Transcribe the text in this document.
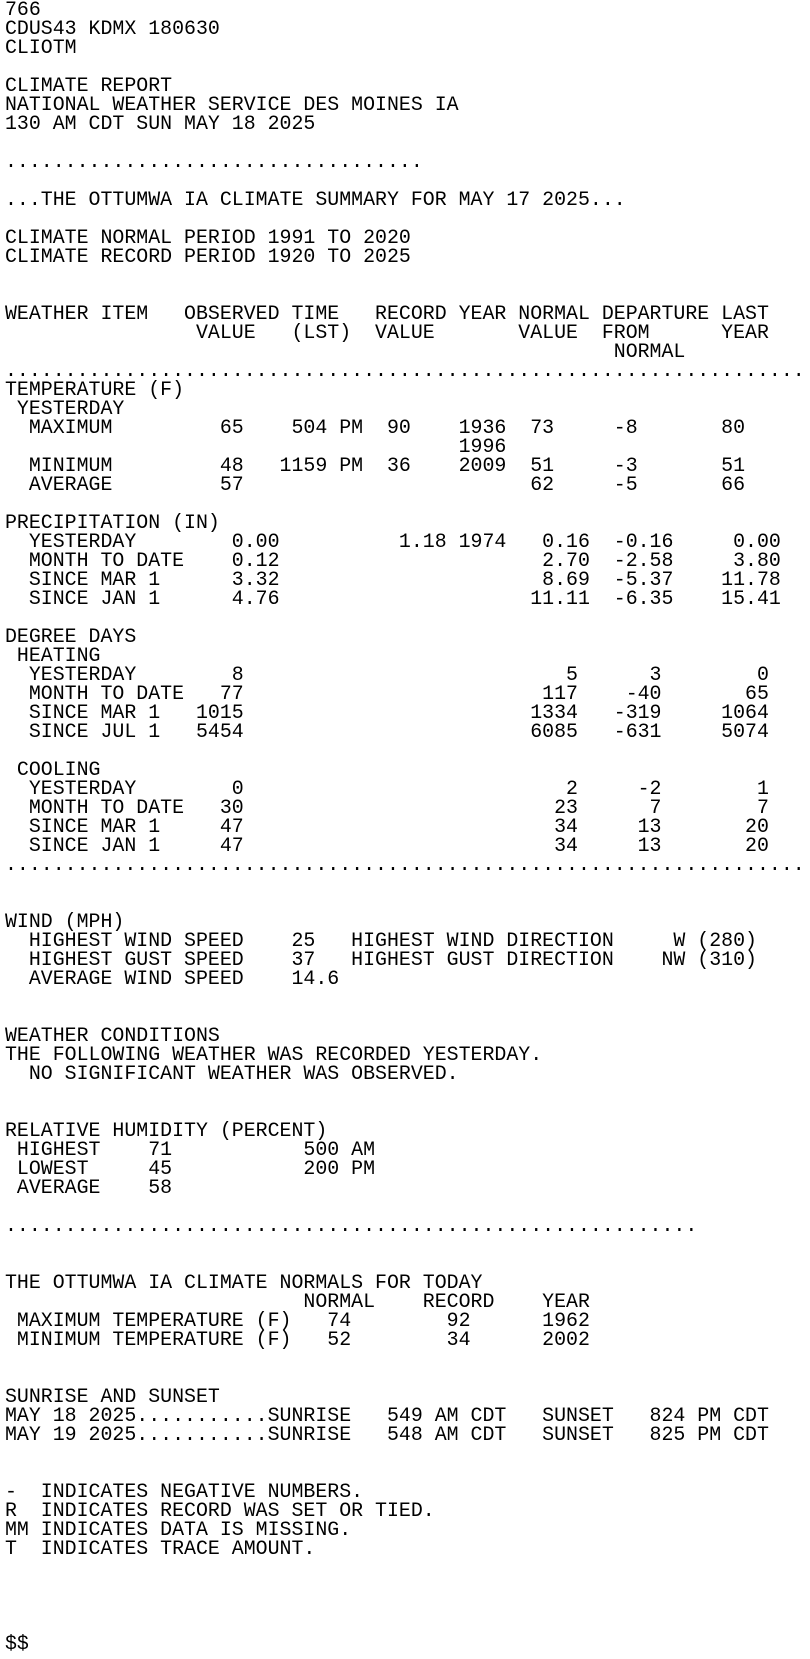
766
CDUS43 KDMX 180630
CLIOTM
CLIMATE REPORT
NATIONAL WEATHER SERVICE DES MOINES IA
130 AM CDT SUN MAY 18 2025
...................................
...THE OTTUMWA IA CLIMATE SUMMARY FOR MAY 17 2025...
CLIMATE NORMAL PERIOD 1991 TO 2020
CLIMATE RECORD PERIOD 1920 TO 2025
WEATHER ITEM   OBSERVED TIME   RECORD YEAR NORMAL DEPARTURE LAST
VALUE   (LST)  VALUE       VALUE  FROM      YEAR
NORMAL
...................................................................
TEMPERATURE (F)
YESTERDAY
MAXIMUM         65    504 PM  90    1936  73     -8       80
1996
MINIMUM         48   1159 PM  36    2009  51     -3       51
AVERAGE         57                        62     -5       66
PRECIPITATION (IN)
YESTERDAY        0.00          1.18 1974   0.16  -0.16     0.00
MONTH TO DATE    0.12                      2.70  -2.58     3.80
SINCE MAR 1      3.32                      8.69  -5.37    11.78
SINCE JAN 1      4.76                     11.11  -6.35    15.41
DEGREE DAYS
HEATING
YESTERDAY        8                           5      3        0
MONTH TO DATE   77                         117    -40       65
SINCE MAR 1   1015                        1334   -319     1064
SINCE JUL 1   5454                        6085   -631     5074
COOLING
YESTERDAY        0                           2     -2        1
MONTH TO DATE   30                          23      7        7
SINCE MAR 1     47                          34     13       20
SINCE JAN 1     47                          34     13       20
...................................................................
WIND (MPH)
HIGHEST WIND SPEED    25   HIGHEST WIND DIRECTION     W (280)
HIGHEST GUST SPEED    37   HIGHEST GUST DIRECTION    NW (310)
AVERAGE WIND SPEED    14.6
WEATHER CONDITIONS
THE FOLLOWING WEATHER WAS RECORDED YESTERDAY.
NO SIGNIFICANT WEATHER WAS OBSERVED.
RELATIVE HUMIDITY (PERCENT)
HIGHEST    71           500 AM
LOWEST     45           200 PM
AVERAGE    58
..........................................................
THE OTTUMWA IA CLIMATE NORMALS FOR TODAY
NORMAL    RECORD    YEAR
MAXIMUM TEMPERATURE (F)   74        92      1962
MINIMUM TEMPERATURE (F)   52        34      2002
SUNRISE AND SUNSET
MAY 18 2025...........SUNRISE   549 AM CDT   SUNSET   824 PM CDT
MAY 19 2025...........SUNRISE   548 AM CDT   SUNSET   825 PM CDT
-  INDICATES NEGATIVE NUMBERS.
R  INDICATES RECORD WAS SET OR TIED.
MM INDICATES DATA IS MISSING.
T  INDICATES TRACE AMOUNT.
$$
